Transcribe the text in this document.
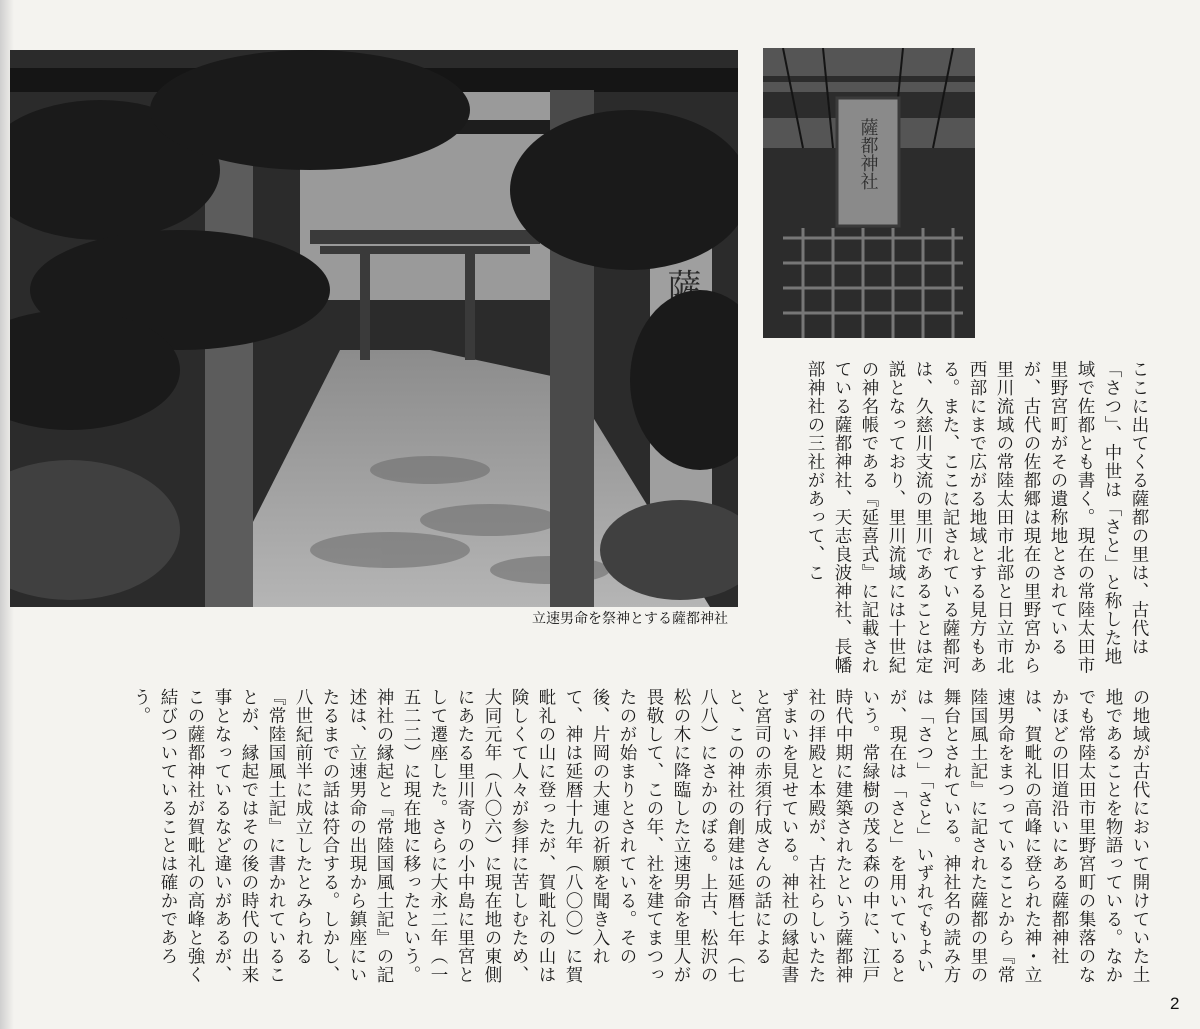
薩都神社
立速男命を祭神とする薩都神社	ここに出てくる薩都の里は、古代は「さつ」、中世は「さと」と称した地域で佐都とも書く。現在の常陸太田市里野宮町がその遺称地とされているが、古代の佐都郷は現在の里野宮から里川流域の常陸太田市北部と日立市北西部にまで広がる地域とする見方もある。また、ここに記されている薩都河は、久慈川支流の里川であることは定説となっており、里川流域には十世紀の神名帳である『延喜式』に記載されている薩都神社、天志良波神社、長幡部神社の三社があって、こ

の地域が古代において開けていた土地であることを物語っている。なかでも常陸太田市里野宮町の集落のなかほどの旧道沿いにある薩都神社は、賀毗礼の高峰に登られた神・立速男命をまつっていることから『常陸国風土記』に記された薩都の里の舞台とされている。神社名の読み方は「さつ」「さと」いずれでもよいが、現在は「さと」を用いているという。常緑樹の茂る森の中に、江戸時代中期に建築されたという薩都神社の拝殿と本殿が、古社らしいたたずまいを見せている。神社の縁起書と宮司の赤須行成さんの話によると、この神社の創建は延暦七年（七八八）にさかのぼる。上古、松沢の松の木に降臨した立速男命を里人が畏敬して、この年、社を建てまつったのが始まりとされている。その後、片岡の大連の祈願を聞き入れて、神は延暦十九年（八〇〇）に賀毗礼の山に登ったが、賀毗礼の山は険しくて人々が参拝に苦しむため、大同元年（八〇六）に現在地の東側にあたる里川寄りの小中島に里宮として遷座した。さらに大永二年（一五二二）に現在地に移ったという。神社の縁起と『常陸国風土記』の記述は、立速男命の出現から鎮座にいたるまでの話は符合する。しかし、八世紀前半に成立したとみられる『常陸国風土記』に書かれていることが、縁起ではその後の時代の出来事となっているなど違いがあるが、この薩都神社が賀毗礼の高峰と強く結びついていることは確かであろう。

2
